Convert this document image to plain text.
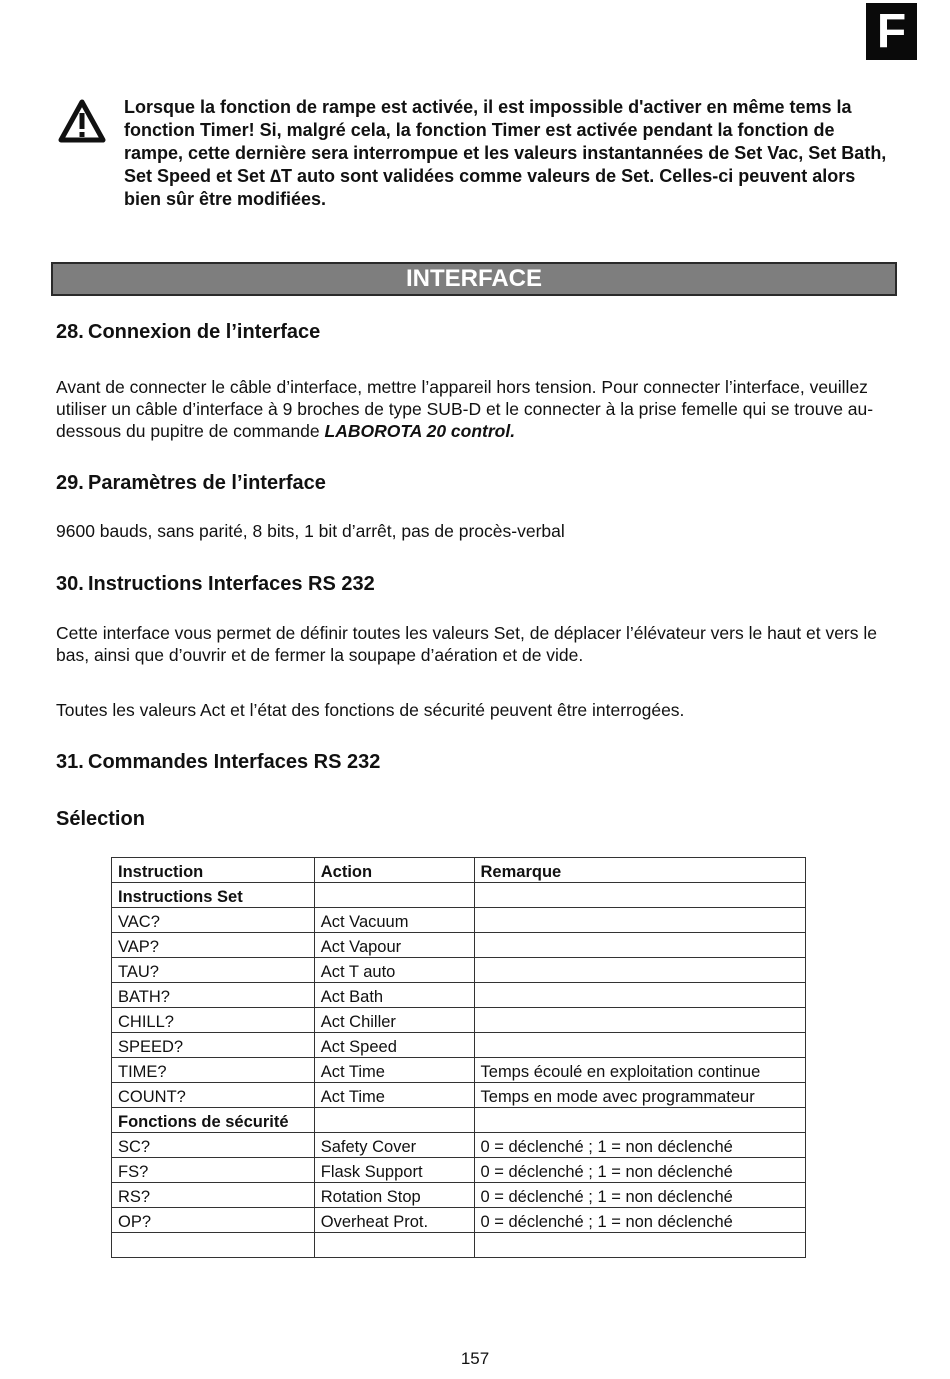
F
Lorsque la fonction de rampe est activée, il est impossible d'activer en même tems la fonction Timer! Si, malgré cela, la fonction Timer est activée pendant la fonction de rampe, cette dernière sera interrompue et les valeurs instantannées de Set Vac, Set Bath, Set Speed et Set ∆T auto sont validées comme valeurs de Set. Celles-ci peuvent alors bien sûr être modifiées.
INTERFACE
28. Connexion de l’interface
Avant de connecter le câble d’interface, mettre l’appareil hors tension. Pour connecter l’interface, veuillez utiliser un câble d’interface à 9 broches de type SUB-D et le connecter à la prise femelle qui se trouve au-dessous du pupitre de commande LABOROTA 20 control.
29. Paramètres de l’interface
9600 bauds, sans parité, 8 bits, 1 bit d’arrêt, pas de procès-verbal
30. Instructions Interfaces RS 232
Cette interface vous permet de définir toutes les valeurs Set, de déplacer l’élévateur vers le haut et vers le bas, ainsi que d’ouvrir et de fermer la soupape d’aération et de vide.
Toutes les valeurs Act et l’état des fonctions de sécurité peuvent être interrogées.
31. Commandes Interfaces RS 232
Sélection
Instruction	Action	Remarque
Instructions Set		
VAC?	Act Vacuum	
VAP?	Act Vapour	
TAU?	Act T auto	
BATH?	Act Bath	
CHILL?	Act Chiller	
SPEED?	Act Speed	
TIME?	Act Time	Temps écoulé en exploitation continue
COUNT?	Act Time	Temps en mode avec programmateur
Fonctions de sécurité		
SC?	Safety Cover	0 = déclenché ; 1 = non déclenché
FS?	Flask Support	0 = déclenché ; 1 = non déclenché
RS?	Rotation Stop	0 = déclenché ; 1 = non déclenché
OP?	Overheat Prot.	0 = déclenché ; 1 = non déclenché

157
